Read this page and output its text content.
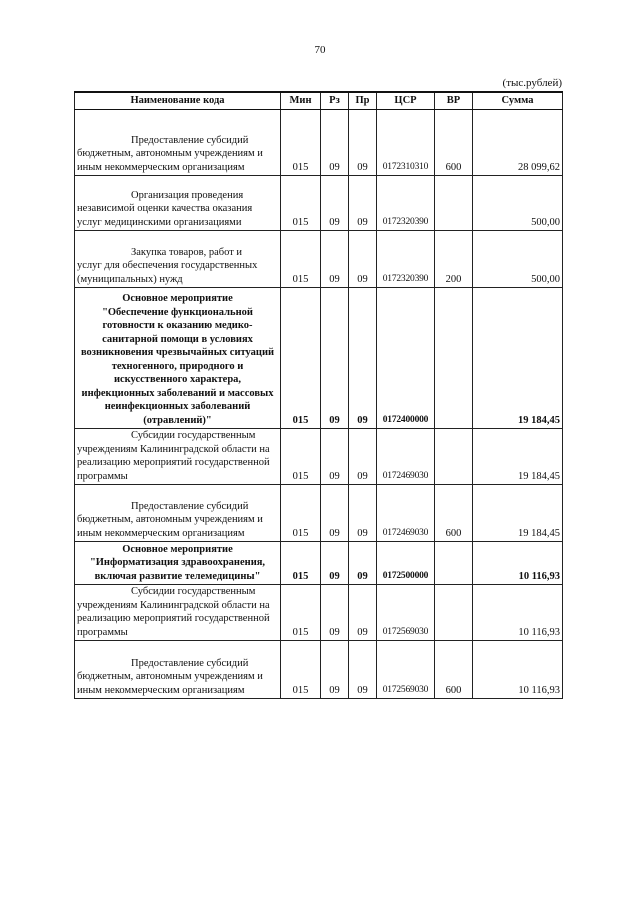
70
(тыс.рублей)
Наименование кода	Мин	Рз	Пр	ЦСР	ВР	Сумма

Предоставление субсидий
бюджетным, автономным учреждениям и иным некоммерческим организациям	015	09	09	0172310310	600	28 099,62

Организация проведения
независимой оценки качества оказания услуг медицинскими организациями	015	09	09	0172320390		500,00

Закупка товаров, работ и
услуг для обеспечения государственных (муниципальных) нужд	015	09	09	0172320390	200	500,00

Основное мероприятие
"Обеспечение функциональной готовности к оказанию медико-санитарной помощи в условиях возникновения чрезвычайных ситуаций техногенного, природного и искусственного характера, инфекционных заболеваний и массовых неинфекционных заболеваний (отравлений)"	015	09	09	0172400000		19 184,45

Субсидии государственным
учреждениям Калининградской области на реализацию мероприятий государственной программы	015	09	09	0172469030		19 184,45

Предоставление субсидий
бюджетным, автономным учреждениям и иным некоммерческим организациям	015	09	09	0172469030	600	19 184,45

Основное мероприятие
"Информатизация здравоохранения, включая развитие телемедицины"	015	09	09	0172500000		10 116,93

Субсидии государственным
учреждениям Калининградской области на реализацию мероприятий государственной программы	015	09	09	0172569030		10 116,93

Предоставление субсидий
бюджетным, автономным учреждениям и иным некоммерческим организациям	015	09	09	0172569030	600	10 116,93
